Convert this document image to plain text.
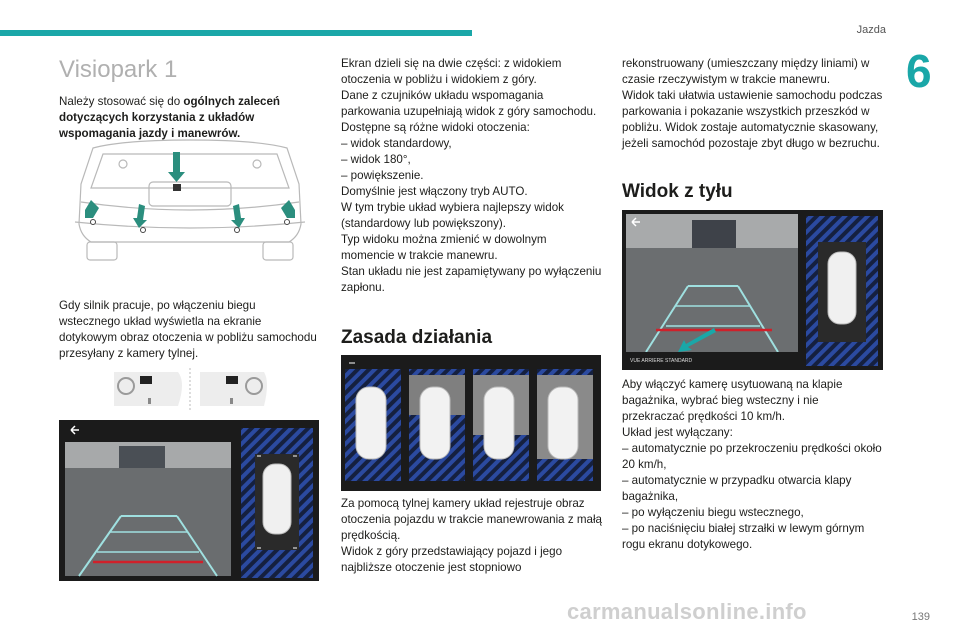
Jazda
6
Visiopark 1

Należy stosować się do ogólnych zaleceń dotyczących korzystania z układów wspomagania jazdy i manewrów.

Gdy silnik pracuje, po włączeniu biegu wstecznego układ wyświetla na ekranie dotykowym obraz otoczenia w pobliżu samochodu przesyłany z kamery tylnej.

Ekran dzieli się na dwie części: z widokiem otoczenia w pobliżu i widokiem z góry.

Dane z czujników układu wspomagania parkowania uzupełniają widok z góry samochodu.

Dostępne są różne widoki otoczenia:

– widok standardowy,

– widok 180°,

– powiększenie.

Domyślnie jest włączony tryb AUTO.

W tym trybie układ wybiera najlepszy widok (standardowy lub powiększony).

Typ widoku można zmienić w dowolnym momencie w trakcie manewru.

Stan układu nie jest zapamiętywany po wyłączeniu zapłonu.

Zasada działania

Za pomocą tylnej kamery układ rejestruje obraz otoczenia pojazdu w trakcie manewrowania z małą prędkością.

Widok z góry przedstawiający pojazd i jego najbliższe otoczenie jest stopniowo

rekonstruowany (umieszczany między liniami) w czasie rzeczywistym w trakcie manewru.

Widok taki ułatwia ustawienie samochodu podczas parkowania i pokazanie wszystkich przeszkód w pobliżu. Widok zostaje automatycznie skasowany, jeżeli samochód pozostaje zbyt długo w bezruchu.

Widok z tyłu
VUE ARRIERE STANDARD

Aby włączyć kamerę usytuowaną na klapie bagażnika, wybrać bieg wsteczny i nie przekraczać prędkości 10 km/h.

Układ jest wyłączany:

– automatycznie po przekroczeniu prędkości około 20 km/h,

– automatycznie w przypadku otwarcia klapy bagażnika,

– po wyłączeniu biegu wstecznego,

– po naciśnięciu białej strzałki w lewym górnym rogu ekranu dotykowego.

carmanualsonline.info	139
